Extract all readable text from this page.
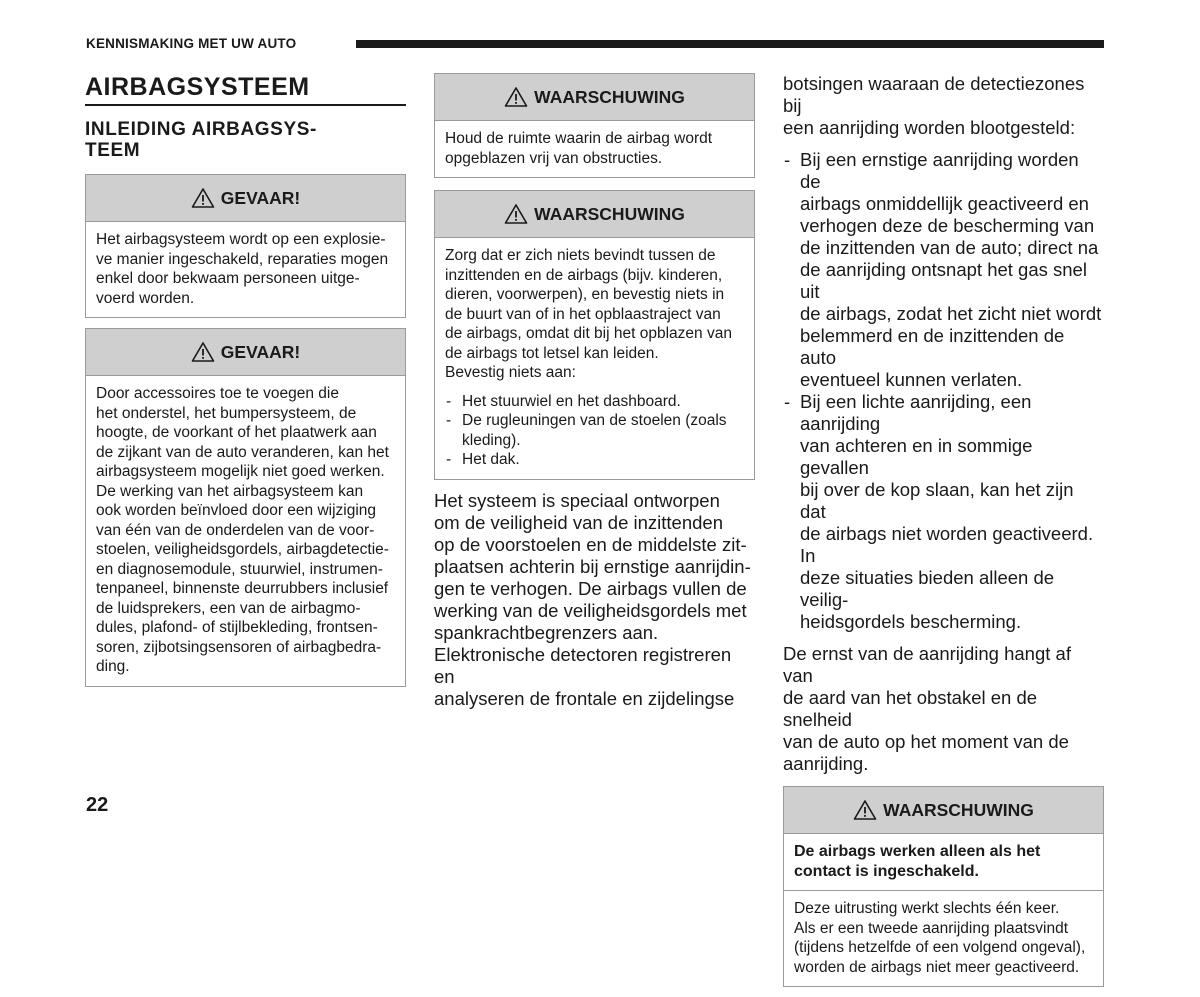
KENNISMAKING MET UW AUTO
AIRBAGSYSTEEM
INLEIDING AIRBAGSYS-
TEEM
GEVAAR!

Het airbagsysteem wordt op een explosie-
ve manier ingeschakeld, reparaties mogen
enkel door bekwaam personeen uitge-
voerd worden.

GEVAAR!

Door accessoires toe te voegen die
het onderstel, het bumpersysteem, de
hoogte, de voorkant of het plaatwerk aan
de zijkant van de auto veranderen, kan het
airbagsysteem mogelijk niet goed werken.
De werking van het airbagsysteem kan
ook worden beïnvloed door een wijziging
van één van de onderdelen van de voor-
stoelen, veiligheidsgordels, airbagdetectie-
en diagnosemodule, stuurwiel, instrumen-
tenpaneel, binnenste deurrubbers inclusief
de luidsprekers, een van de airbagmo-
dules, plafond- of stijlbekleding, frontsen-
soren, zijbotsingsensoren of airbagbedra-
ding.

WAARSCHUWING

Houd de ruimte waarin de airbag wordt
opgeblazen vrij van obstructies.

WAARSCHUWING

Zorg dat er zich niets bevindt tussen de
inzittenden en de airbags (bijv. kinderen,
dieren, voorwerpen), en bevestig niets in
de buurt van of in het opblaastraject van
de airbags, omdat dit bij het opblazen van
de airbags tot letsel kan leiden.
Bevestig niets aan:

- Het stuurwiel en het dashboard.
- De rugleuningen van de stoelen (zoals
kleding).
- Het dak.

Het systeem is speciaal ontworpen
om de veiligheid van de inzittenden
op de voorstoelen en de middelste zit-
plaatsen achterin bij ernstige aanrijdin-
gen te verhogen. De airbags vullen de
werking van de veiligheidsgordels met
spankrachtbegrenzers aan.
Elektronische detectoren registreren en
analyseren de frontale en zijdelingse

botsingen waaraan de detectiezones bij
een aanrijding worden blootgesteld:

- Bij een ernstige aanrijding worden de
airbags onmiddellijk geactiveerd en
verhogen deze de bescherming van
de inzittenden van de auto; direct na
de aanrijding ontsnapt het gas snel uit
de airbags, zodat het zicht niet wordt
belemmerd en de inzittenden de auto
eventueel kunnen verlaten.
- Bij een lichte aanrijding, een aanrijding
van achteren en in sommige gevallen
bij over de kop slaan, kan het zijn dat
de airbags niet worden geactiveerd. In
deze situaties bieden alleen de veilig-
heidsgordels bescherming.

De ernst van de aanrijding hangt af van
de aard van het obstakel en de snelheid
van de auto op het moment van de
aanrijding.

WAARSCHUWING

De airbags werken alleen als het
contact is ingeschakeld.

Deze uitrusting werkt slechts één keer.
Als er een tweede aanrijding plaatsvindt
(tijdens hetzelfde of een volgend ongeval),
worden de airbags niet meer geactiveerd.

22
